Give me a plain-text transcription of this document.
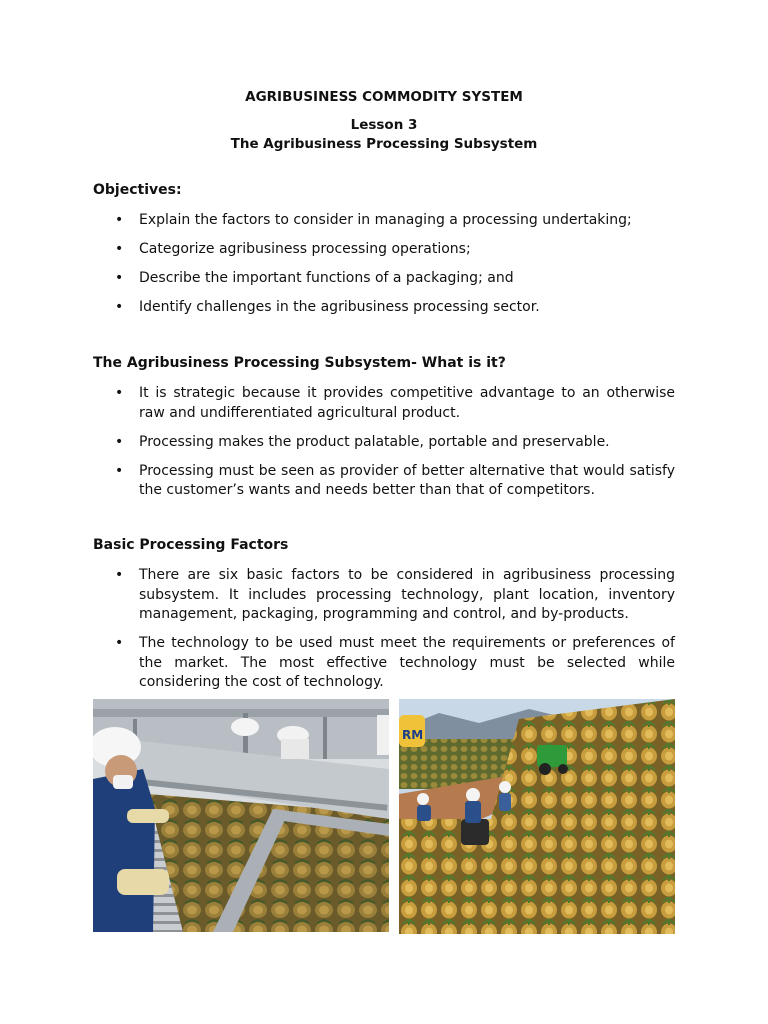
AGRIBUSINESS COMMODITY SYSTEM
Lesson 3
The Agribusiness Processing Subsystem
Objectives:
• Explain the factors to consider in managing a processing undertaking;
• Categorize agribusiness processing operations;
• Describe the important functions of a packaging; and
• Identify challenges in the agribusiness processing sector.
The Agribusiness Processing Subsystem- What is it?
• It is strategic because it provides competitive advantage to an otherwise raw and undifferentiated agricultural product.
• Processing makes the product palatable, portable and preservable.
• Processing must be seen as provider of better alternative that would satisfy the customer’s wants and needs better than that of competitors.
Basic Processing Factors
• There are six basic factors to be considered in agribusiness processing subsystem. It includes processing technology, plant location, inventory management, packaging, programming and control, and by-products.
• The technology to be used must meet the requirements or preferences of the market. The most effective technology must be selected while considering the cost of technology.
RM
